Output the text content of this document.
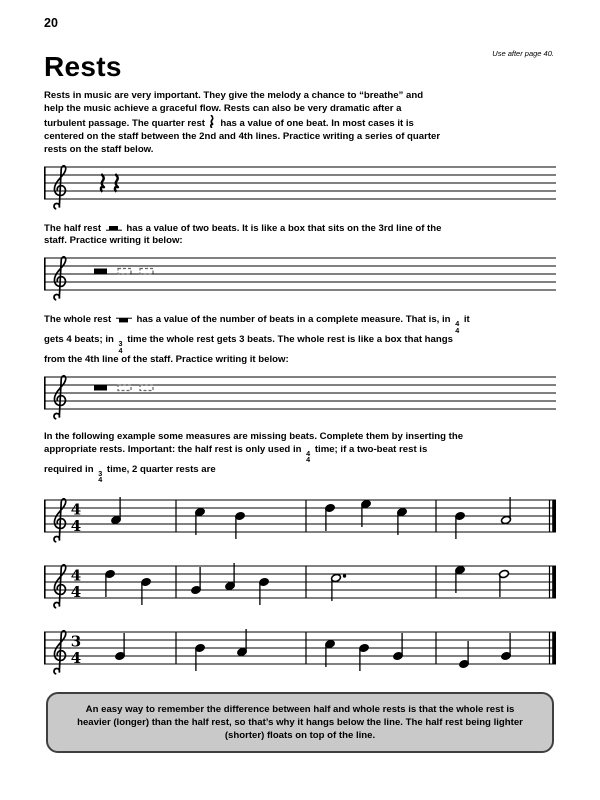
20
Use after page 40.
Rests

Rests in music are very important. They give the melody a chance to “breathe” and help the music achieve a graceful flow. Rests can also be very dramatic after a turbulent passage. The quarter rest has a value of one beat. In most cases it is centered on the staff between the 2nd and 4th lines. Practice writing a series of quarter rests on the staff below.

The half rest	has a value of two beats. It is like a box that sits on the 3rd line of the staff. Practice writing it below:

The whole rest	has a value of the number of beats in a complete measure. That is, in 4
4
it gets 4 beats; in 3
4
time the whole rest gets 3 beats. The whole rest is like a box that hangs from the 4th line of the staff. Practice writing it below:

In the following example some measures are missing beats. Complete them by inserting the appropriate rests. Important: the half rest is only used in 4
4
time; if a two-beat rest is required in 3
4
time, 2 quarter rests are

4
4
4
4
3
4
An easy way to remember the difference between half and whole rests is that the whole rest is heavier (longer) than the half rest, so that’s why it hangs below the line. The half rest being lighter (shorter) floats on top of the line.
